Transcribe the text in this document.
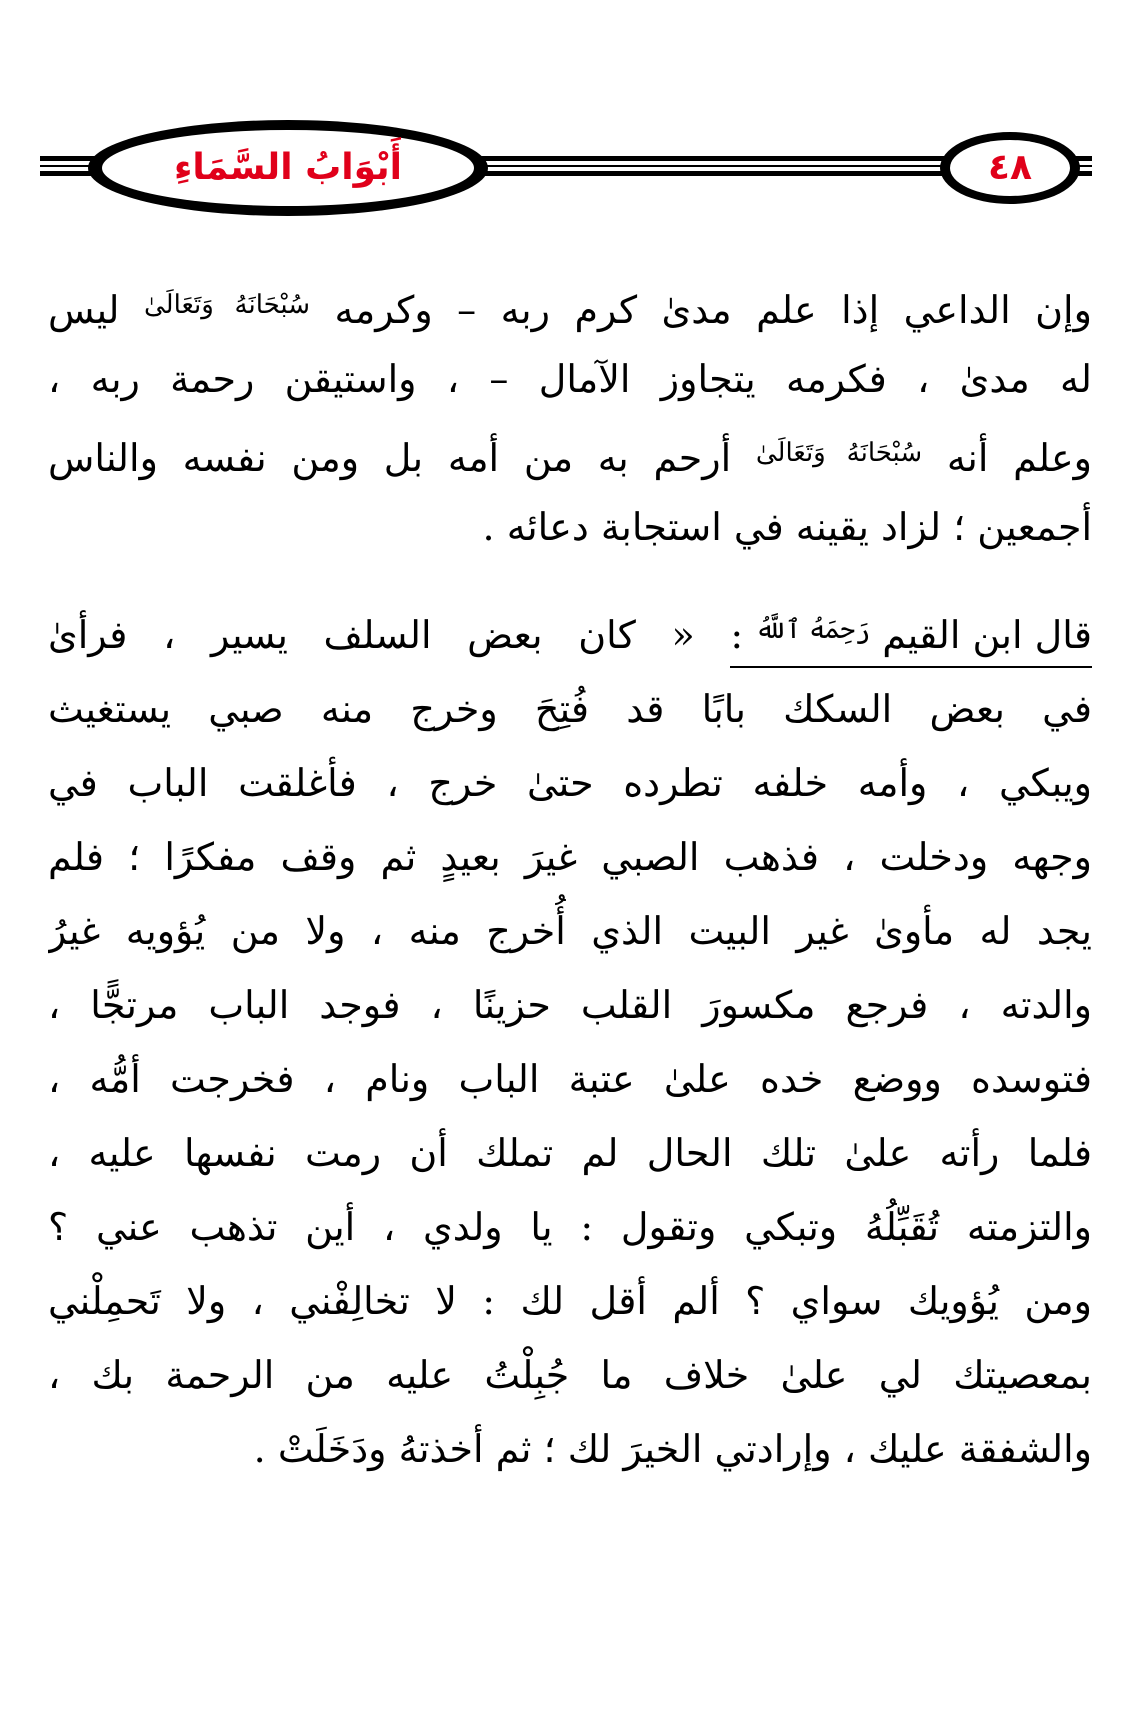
أَبْوَابُ السَّمَاءِ	٤٨
وإن الداعي إذا علم مدىٰ كرم ربه – وكرمه $^{سُبْحَانَهُ وَتَعَالَىٰ}$ ليس
له مدىٰ ، فكرمه يتجاوز الآمال – ، واستيقن رحمة ربه ،
وعلم أنه $^{سُبْحَانَهُ وَتَعَالَىٰ}$ أرحم به من أمه بل ومن نفسه والناس
أجمعين ؛ لزاد يقينه في استجابة دعائه .
قال ابن القيم $^{رَحِمَهُ ٱللَّهُ}$ : « كان بعض السلف يسير ، فرأىٰ
في بعض السكك بابًا قد فُتِحَ وخرج منه صبي يستغيث
ويبكي ، وأمه خلفه تطرده حتىٰ خرج ، فأغلقت الباب في
وجهه ودخلت ، فذهب الصبي غيرَ بعيدٍ ثم وقف مفكرًا ؛ فلم
يجد له مأوىٰ غير البيت الذي أُخرج منه ، ولا من يُؤويه غيرُ
والدته ، فرجع مكسورَ القلب حزينًا ، فوجد الباب مرتجًّا ،
فتوسده ووضع خده علىٰ عتبة الباب ونام ، فخرجت أمُّه ،
فلما رأته علىٰ تلك الحال لم تملك أن رمت نفسها عليه ،
والتزمته تُقَبِّلُهُ وتبكي وتقول : يا ولدي ، أين تذهب عني ؟
ومن يُؤويك سواي ؟ ألم أقل لك : لا تخالِفْني ، ولا تَحمِلْني
بمعصيتك لي علىٰ خلاف ما جُبِلْتُ عليه من الرحمة بك ،
والشفقة عليك ، وإرادتي الخيرَ لك ؛ ثم أخذتهُ ودَخَلَتْ .
